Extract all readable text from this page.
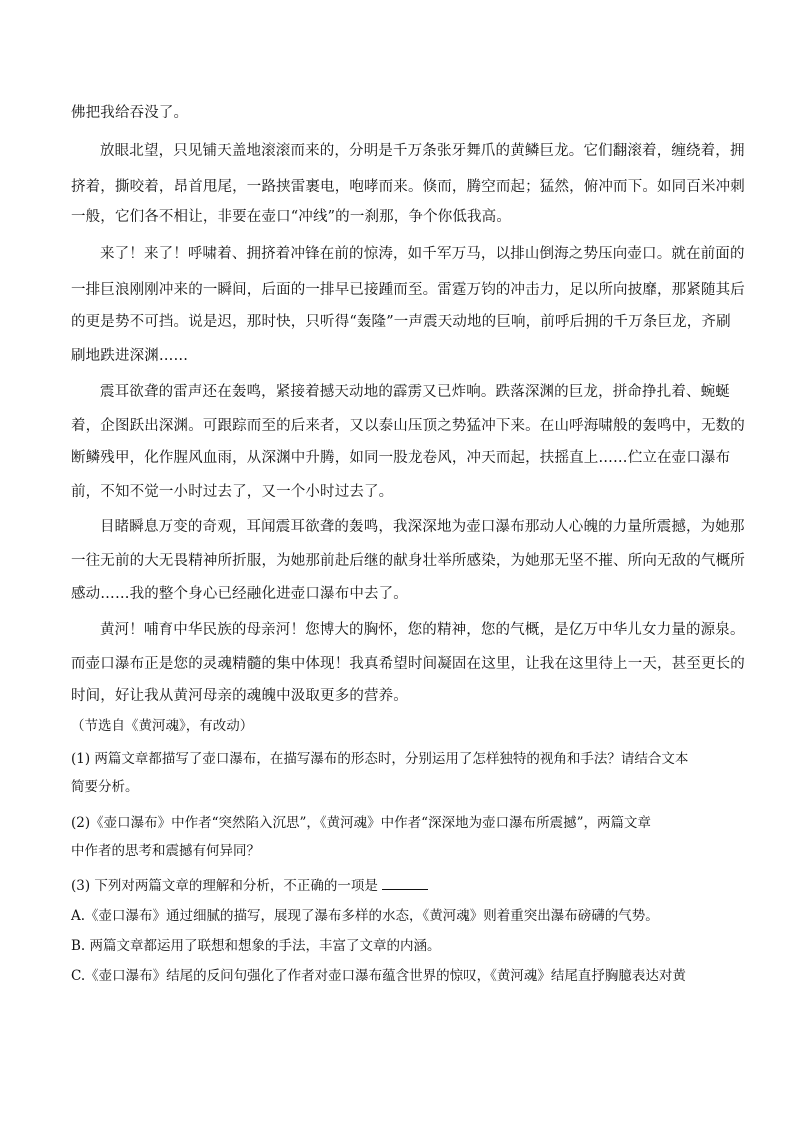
佛把我给吞没了。
放眼北望，只见铺天盖地滚滚而来的，分明是千万条张牙舞爪的黄鳞巨龙。它们翻滚着，缠绕着，拥
挤着，撕咬着，昂首甩尾，一路挟雷裹电，咆哮而来。倏而，腾空而起；猛然，俯冲而下。如同百米冲刺
一般，它们各不相让，非要在壶口“冲线”的一刹那，争个你低我高。
来了！来了！呼啸着、拥挤着冲锋在前的惊涛，如千军万马，以排山倒海之势压向壶口。就在前面的
一排巨浪刚刚冲来的一瞬间，后面的一排早已接踵而至。雷霆万钧的冲击力，足以所向披靡，那紧随其后
的更是势不可挡。说是迟，那时快，只听得“轰隆”一声震天动地的巨响，前呼后拥的千万条巨龙，齐刷
刷地跌进深渊……
震耳欲聋的雷声还在轰鸣，紧接着撼天动地的霹雳又已炸响。跌落深渊的巨龙，拼命挣扎着、蜿蜒
着，企图跃出深渊。可跟踪而至的后来者，又以泰山压顶之势猛冲下来。在山呼海啸般的轰鸣中，无数的
断鳞残甲，化作腥风血雨，从深渊中升腾，如同一股龙卷风，冲天而起，扶摇直上……伫立在壶口瀑布
前，不知不觉一小时过去了，又一个小时过去了。
目睹瞬息万变的奇观，耳闻震耳欲聋的轰鸣，我深深地为壶口瀑布那动人心魄的力量所震撼，为她那
一往无前的大无畏精神所折服，为她那前赴后继的献身壮举所感染，为她那无坚不摧、所向无敌的气概所
感动……我的整个身心已经融化进壶口瀑布中去了。
黄河！哺育中华民族的母亲河！您博大的胸怀，您的精神，您的气概，是亿万中华儿女力量的源泉。
而壶口瀑布正是您的灵魂精髓的集中体现！我真希望时间凝固在这里，让我在这里待上一天，甚至更长的
时间，好让我从黄河母亲的魂魄中汲取更多的营养。
（节选自《黄河魂》，有改动）
(1) 两篇文章都描写了壶口瀑布，在描写瀑布的形态时，分别运用了怎样独特的视角和手法？请结合文本
简要分析。
(2)《壶口瀑布》中作者“突然陷入沉思”，《黄河魂》中作者“深深地为壶口瀑布所震撼”，两篇文章
中作者的思考和震撼有何异同？
(3) 下列对两篇文章的理解和分析，不正确的一项是
A.《壶口瀑布》通过细腻的描写，展现了瀑布多样的水态，《黄河魂》则着重突出瀑布磅礴的气势。
B. 两篇文章都运用了联想和想象的手法，丰富了文章的内涵。
C.《壶口瀑布》结尾的反问句强化了作者对壶口瀑布蕴含世界的惊叹，《黄河魂》结尾直抒胸臆表达对黄
